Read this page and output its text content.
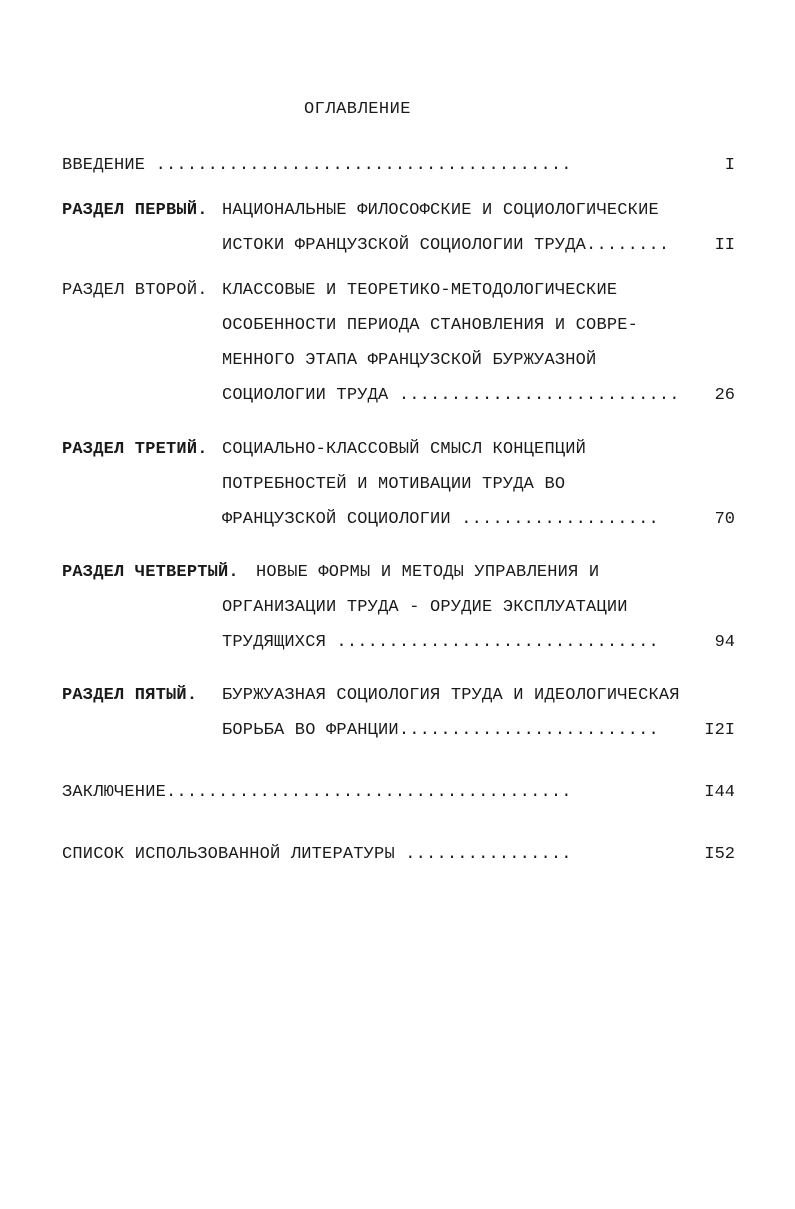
ОГЛАВЛЕНИЕ
ВВЕДЕНИЕ ........................................	I
РАЗДЕЛ ПЕРВЫЙ. НАЦИОНАЛЬНЫЕ ФИЛОСОФСКИЕ И СОЦИОЛОГИЧЕСКИЕ
ИСТОКИ ФРАНЦУЗСКОЙ СОЦИОЛОГИИ ТРУДА........	II
РАЗДЕЛ ВТОРОЙ. КЛАССОВЫЕ И ТЕОРЕТИКО-МЕТОДОЛОГИЧЕСКИЕ
ОСОБЕННОСТИ ПЕРИОДА СТАНОВЛЕНИЯ И СОВРЕ-
МЕННОГО ЭТАПА ФРАНЦУЗСКОЙ БУРЖУАЗНОЙ
СОЦИОЛОГИИ ТРУДА ...........................	26
РАЗДЕЛ ТРЕТИЙ. СОЦИАЛЬНО-КЛАССОВЫЙ СМЫСЛ КОНЦЕПЦИЙ
ПОТРЕБНОСТЕЙ И МОТИВАЦИИ ТРУДА ВО
ФРАНЦУЗСКОЙ СОЦИОЛОГИИ ...................	70
РАЗДЕЛ ЧЕТВЕРТЫЙ. НОВЫЕ ФОРМЫ И МЕТОДЫ УПРАВЛЕНИЯ И
ОРГАНИЗАЦИИ ТРУДА - ОРУДИЕ ЭКСПЛУАТАЦИИ
ТРУДЯЩИХСЯ ...............................	94
РАЗДЕЛ ПЯТЫЙ. БУРЖУАЗНАЯ СОЦИОЛОГИЯ ТРУДА И ИДЕОЛОГИЧЕСКАЯ
БОРЬБА ВО ФРАНЦИИ.........................	I2I
ЗАКЛЮЧЕНИЕ.......................................	I44
СПИСОК ИСПОЛЬЗОВАННОЙ ЛИТЕРАТУРЫ ................	I52
